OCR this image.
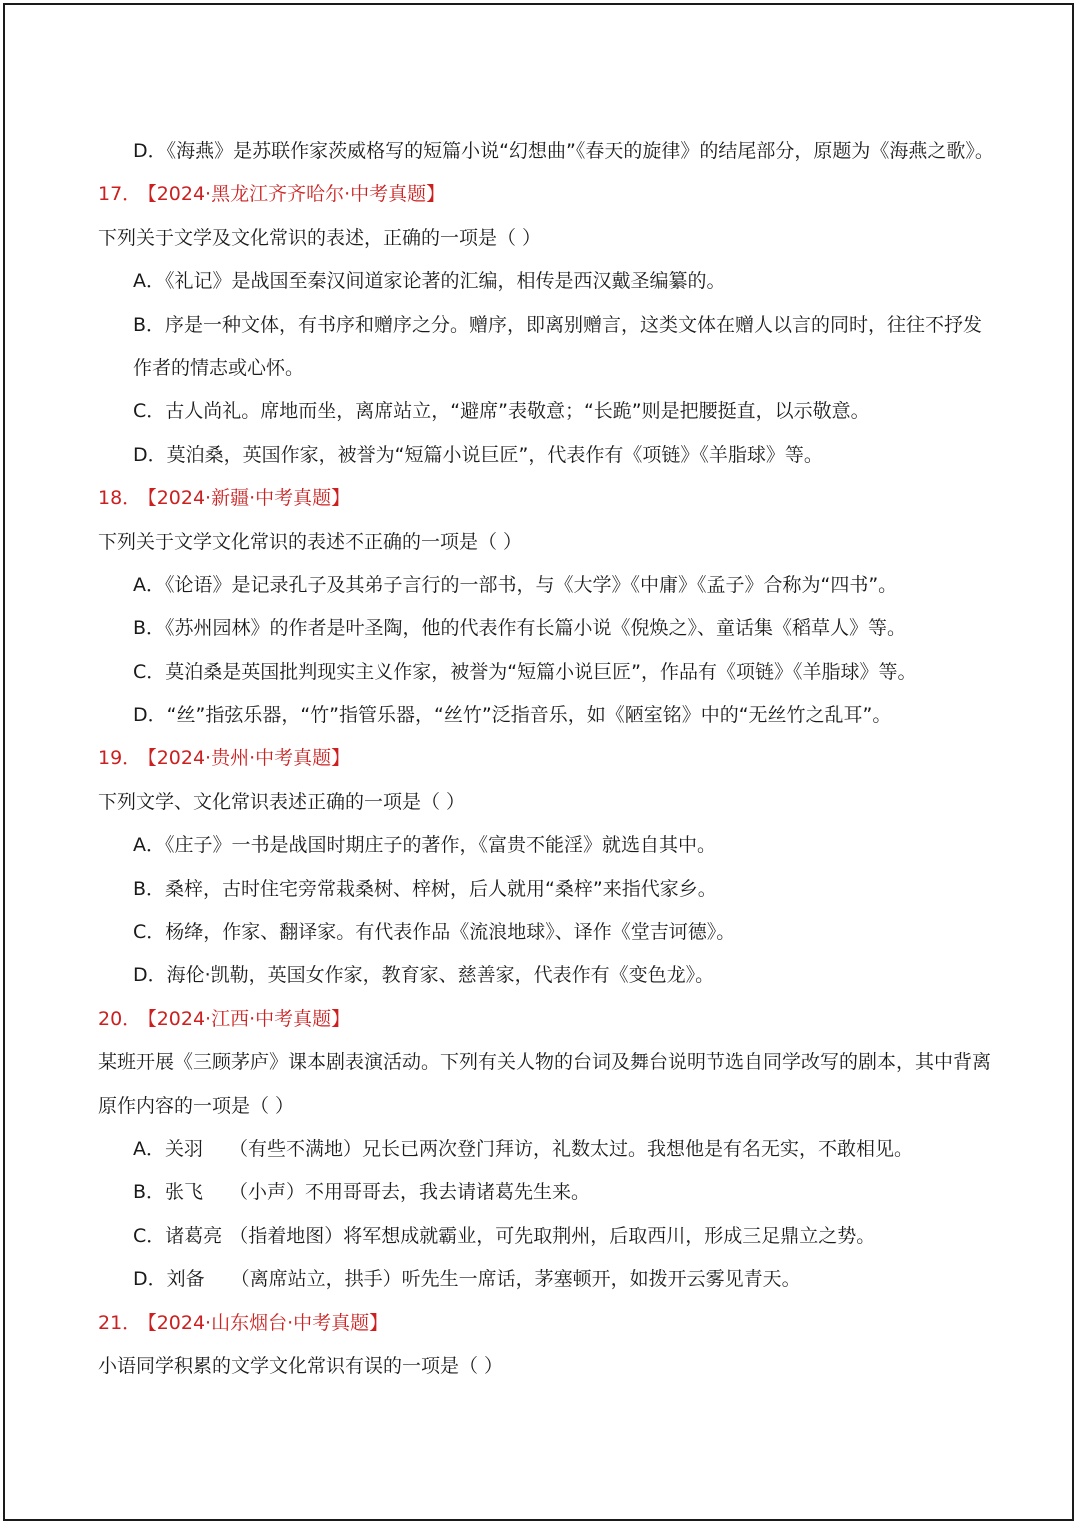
D．《海燕》是苏联作家茨威格写的短篇小说“幻想曲”《春天的旋律》的结尾部分，原题为《海燕之歌》。
17． 【2024·黑龙江齐齐哈尔·中考真题】
下列关于文学及文化常识的表述，正确的一项是（ ）
A．《礼记》是战国至秦汉间道家论著的汇编，相传是西汉戴圣编纂的。
B．序是一种文体，有书序和赠序之分。赠序，即离别赠言，这类文体在赠人以言的同时，往往不抒发
作者的情志或心怀。
C．古人尚礼。席地而坐，离席站立，“避席”表敬意；“长跪”则是把腰挺直，以示敬意。
D．莫泊桑，英国作家，被誉为“短篇小说巨匠”，代表作有《项链》《羊脂球》等。
18． 【2024·新疆·中考真题】
下列关于文学文化常识的表述不正确的一项是（ ）
A．《论语》是记录孔子及其弟子言行的一部书，与《大学》《中庸》《孟子》合称为“四书”。
B．《苏州园林》的作者是叶圣陶，他的代表作有长篇小说《倪焕之》、童话集《稻草人》等。
C．莫泊桑是英国批判现实主义作家，被誉为“短篇小说巨匠”，作品有《项链》《羊脂球》等。
D．“丝”指弦乐器，“竹”指管乐器，“丝竹”泛指音乐，如《陋室铭》中的“无丝竹之乱耳”。
19． 【2024·贵州·中考真题】
下列文学、文化常识表述正确的一项是（ ）
A．《庄子》一书是战国时期庄子的著作，《富贵不能淫》就选自其中。
B．桑梓，古时住宅旁常栽桑树、梓树，后人就用“桑梓”来指代家乡。
C．杨绛，作家、翻译家。有代表作品《流浪地球》、译作《堂吉诃德》。
D．海伦·凯勒，英国女作家，教育家、慈善家，代表作有《变色龙》。
20． 【2024·江西·中考真题】
某班开展《三顾茅庐》课本剧表演活动。下列有关人物的台词及舞台说明节选自同学改写的剧本，其中背离
原作内容的一项是（ ）
A．关羽 （有些不满地）兄长已两次登门拜访，礼数太过。我想他是有名无实，不敢相见。
B．张飞 （小声）不用哥哥去，我去请诸葛先生来。
C．诸葛亮 （指着地图）将军想成就霸业，可先取荆州，后取西川，形成三足鼎立之势。
D．刘备 （离席站立，拱手）听先生一席话，茅塞顿开，如拨开云雾见青天。
21． 【2024·山东烟台·中考真题】
小语同学积累的文学文化常识有误的一项是（ ）
